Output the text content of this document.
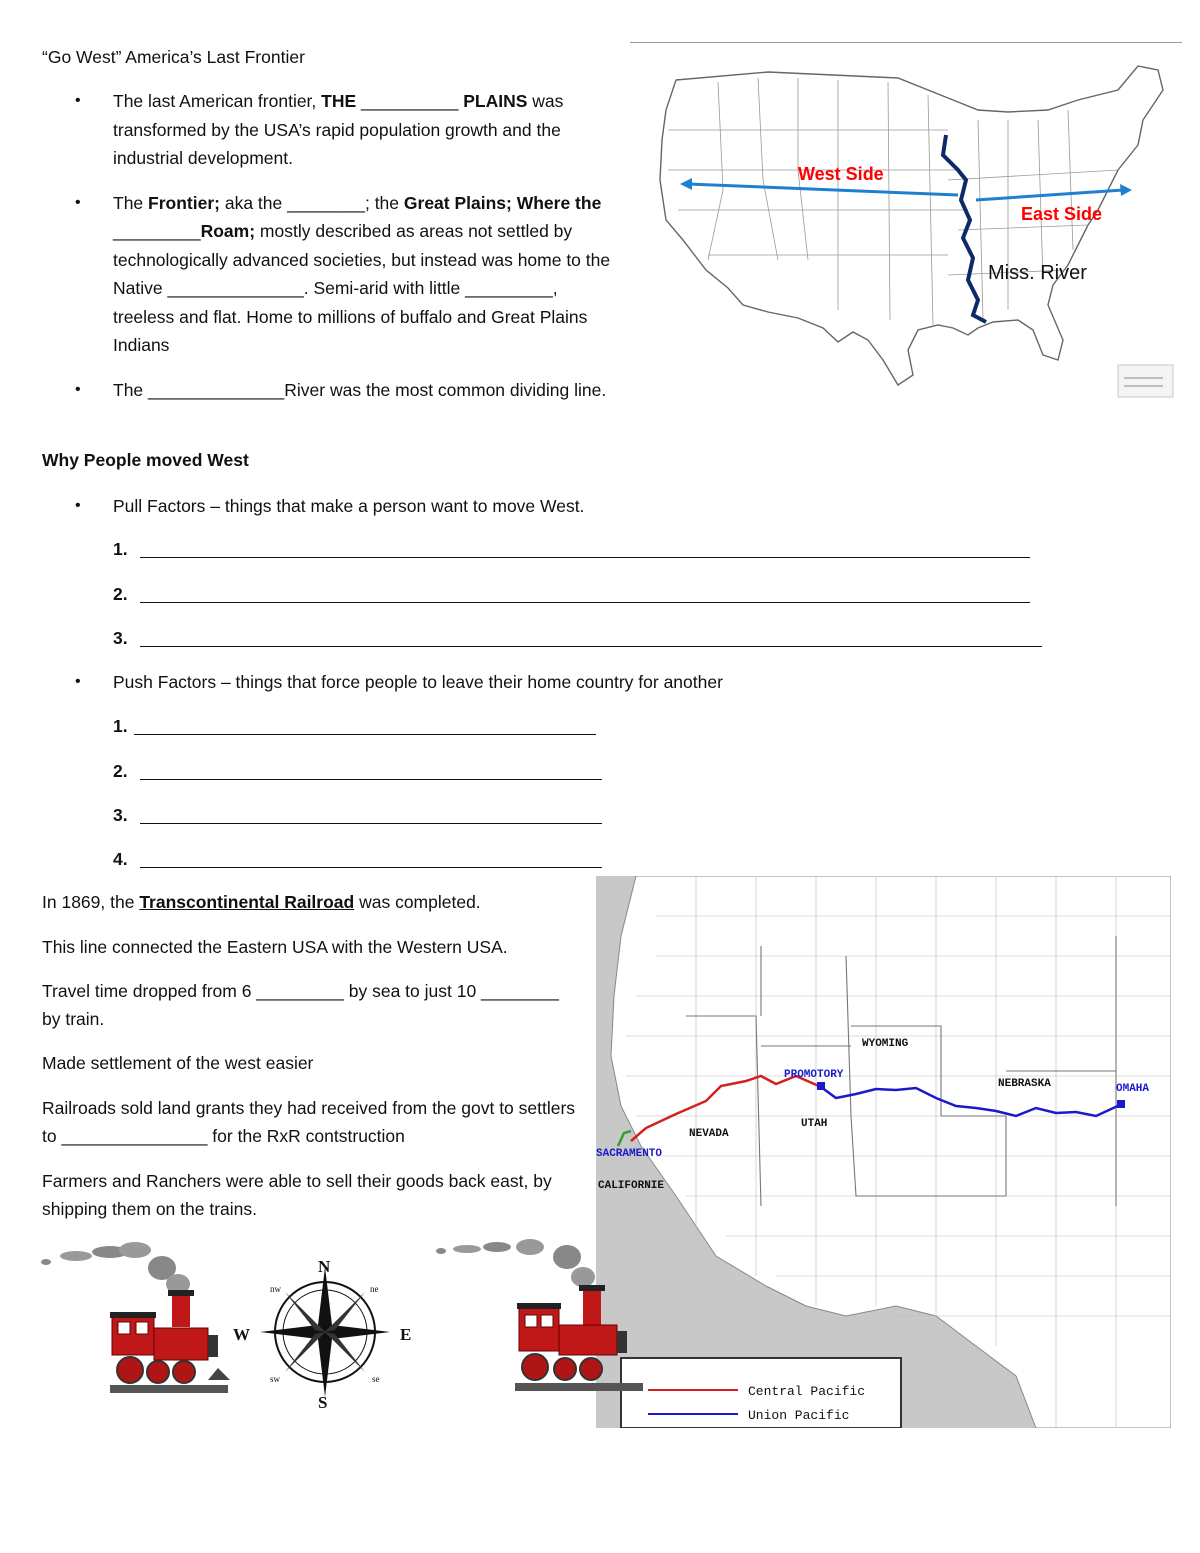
“Go West” America’s Last Frontier
• The last American frontier, THE __________ PLAINS was transformed by the USA’s rapid population growth and the industrial development.
• The Frontier; aka the ________; the Great Plains; Where the _________Roam; mostly described as areas not settled by technologically advanced societies, but instead was home to the Native ______________. Semi-arid with little _________, treeless and flat. Home to millions of buffalo and Great Plains Indians
• The ______________River was the most common dividing line.
Why People moved West
• Pull Factors – things that make a person want to move West.
1.
2.
3.
• Push Factors – things that force people to leave their home country for another
1.
2.
3.
4.
In 1869, the Transcontinental Railroad was completed.
This line connected the Eastern USA with the Western USA.
Travel time dropped from 6 _________ by sea to just 10 ________ by train.
Made settlement of the west easier
Railroads sold land grants they had received from the govt to settlers to _______________ for the RxR contstruction
Farmers and Ranchers were able to sell their goods back east, by shipping them on the trains.
West Side
East Side
Miss. River
WYOMING
NEBRASKA
UTAH
NEVADA
CALIFORNIE
PROMOTORY
OMAHA
SACRAMENTO
Central Pacific
Union Pacific
N
S
E
W
nw	ne
sw	se
